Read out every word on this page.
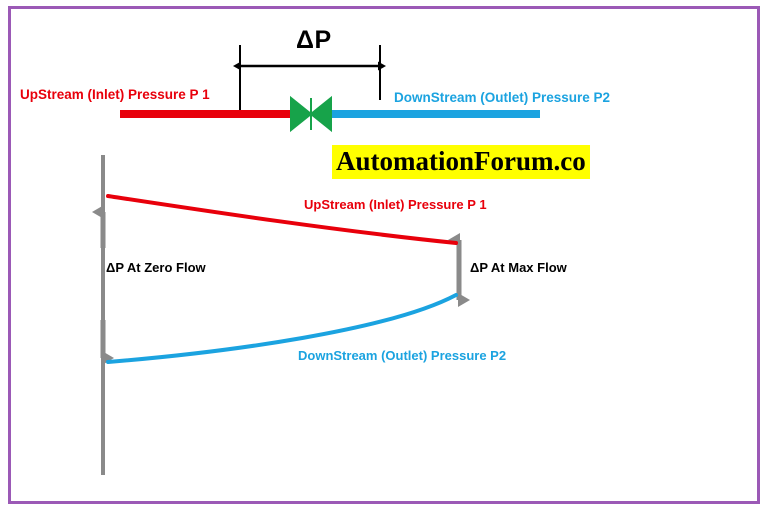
ΔP
UpStream (Inlet) Pressure P 1	DownStream (Outlet) Pressure P2
AutomationForum.co
UpStream (Inlet) Pressure P 1
DownStream (Outlet) Pressure P2
ΔP At Zero Flow	ΔP At Max Flow
